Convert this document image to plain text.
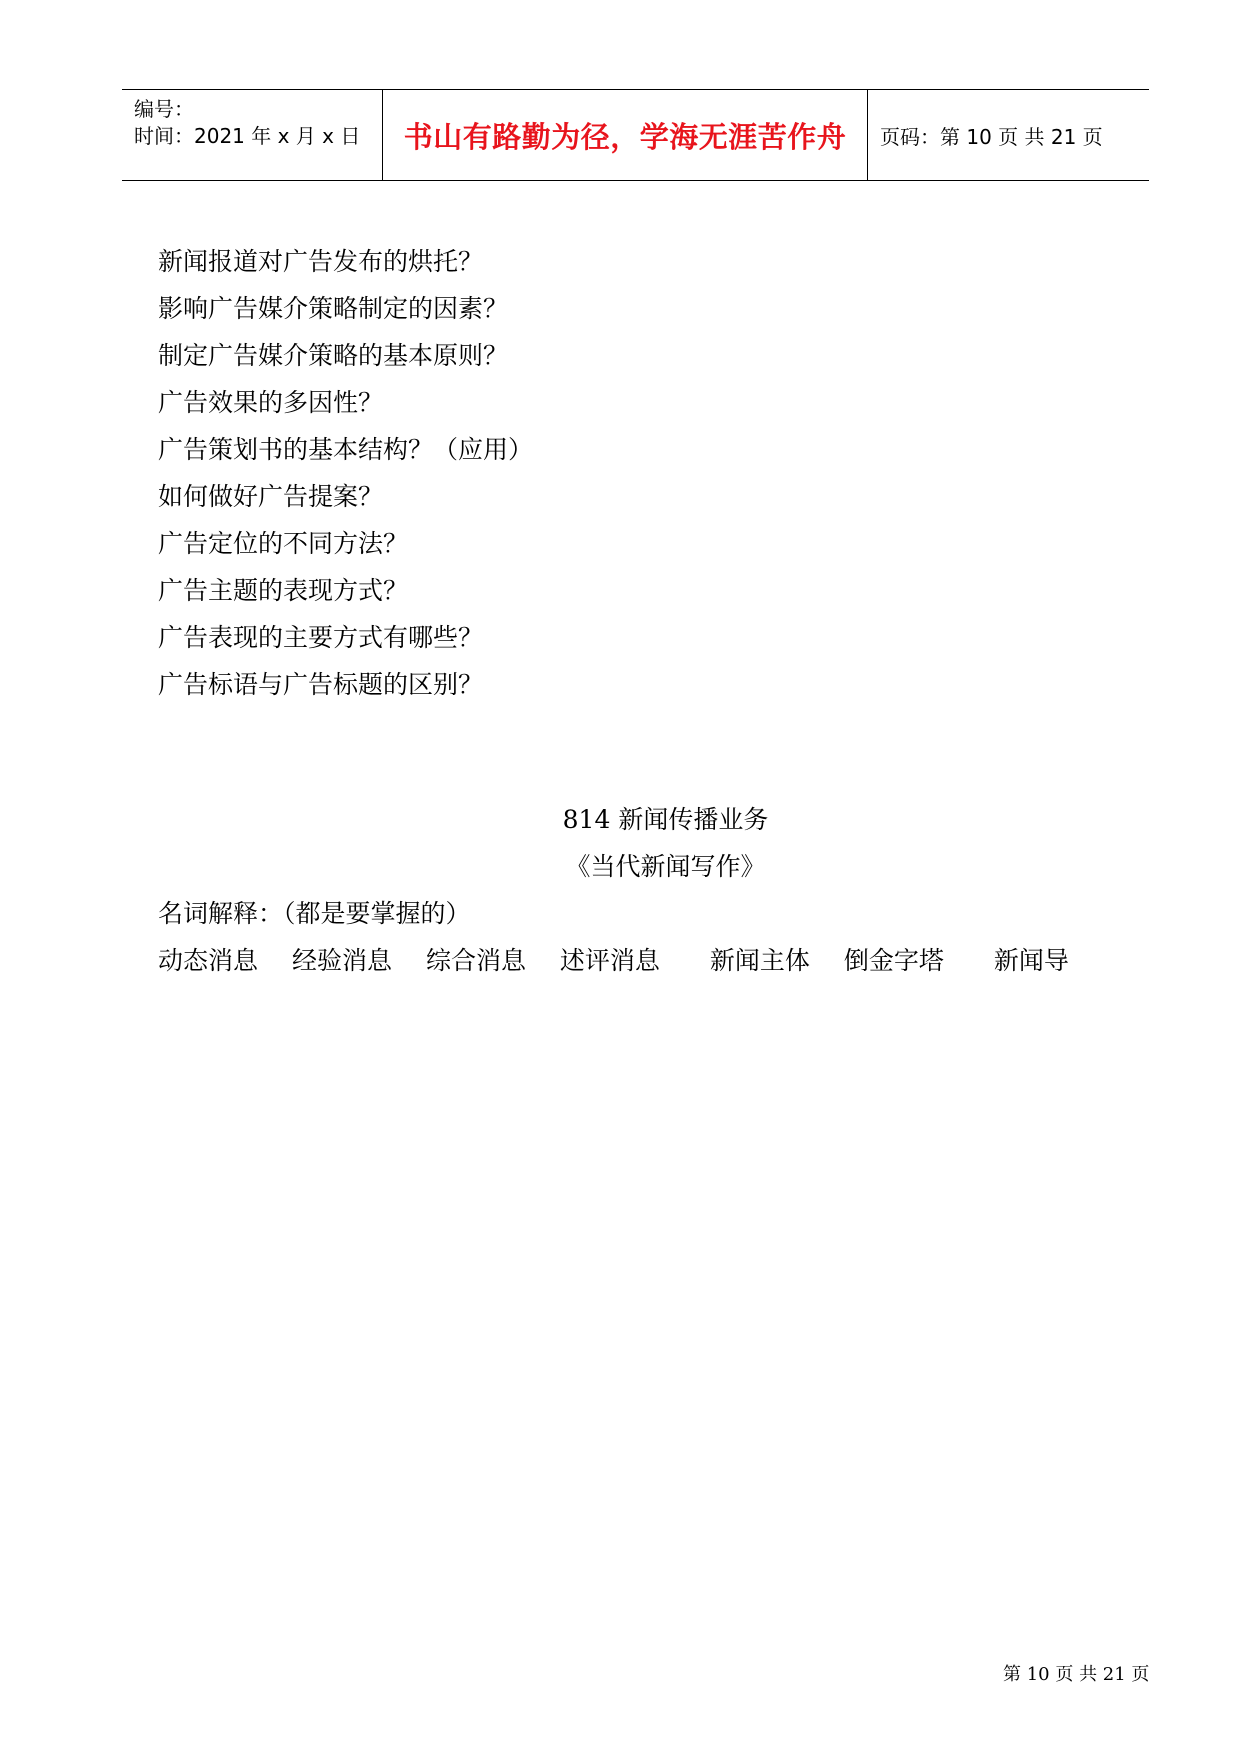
编号：
时间：2021 年 x 月 x 日	书山有路勤为径，学海无涯苦作舟	页码：第 10 页 共 21 页
新闻报道对广告发布的烘托？
影响广告媒介策略制定的因素？
制定广告媒介策略的基本原则？
广告效果的多因性？
广告策划书的基本结构？（应用）
如何做好广告提案？
广告定位的不同方法？
广告主题的表现方式？
广告表现的主要方式有哪些？
广告标语与广告标题的区别？
814 新闻传播业务
《当代新闻写作》
名词解释：（都是要掌握的）
动态消息 经验消息 综合消息 述评消息 新闻主体 倒金字塔 新闻导
第 10 页 共 21 页
